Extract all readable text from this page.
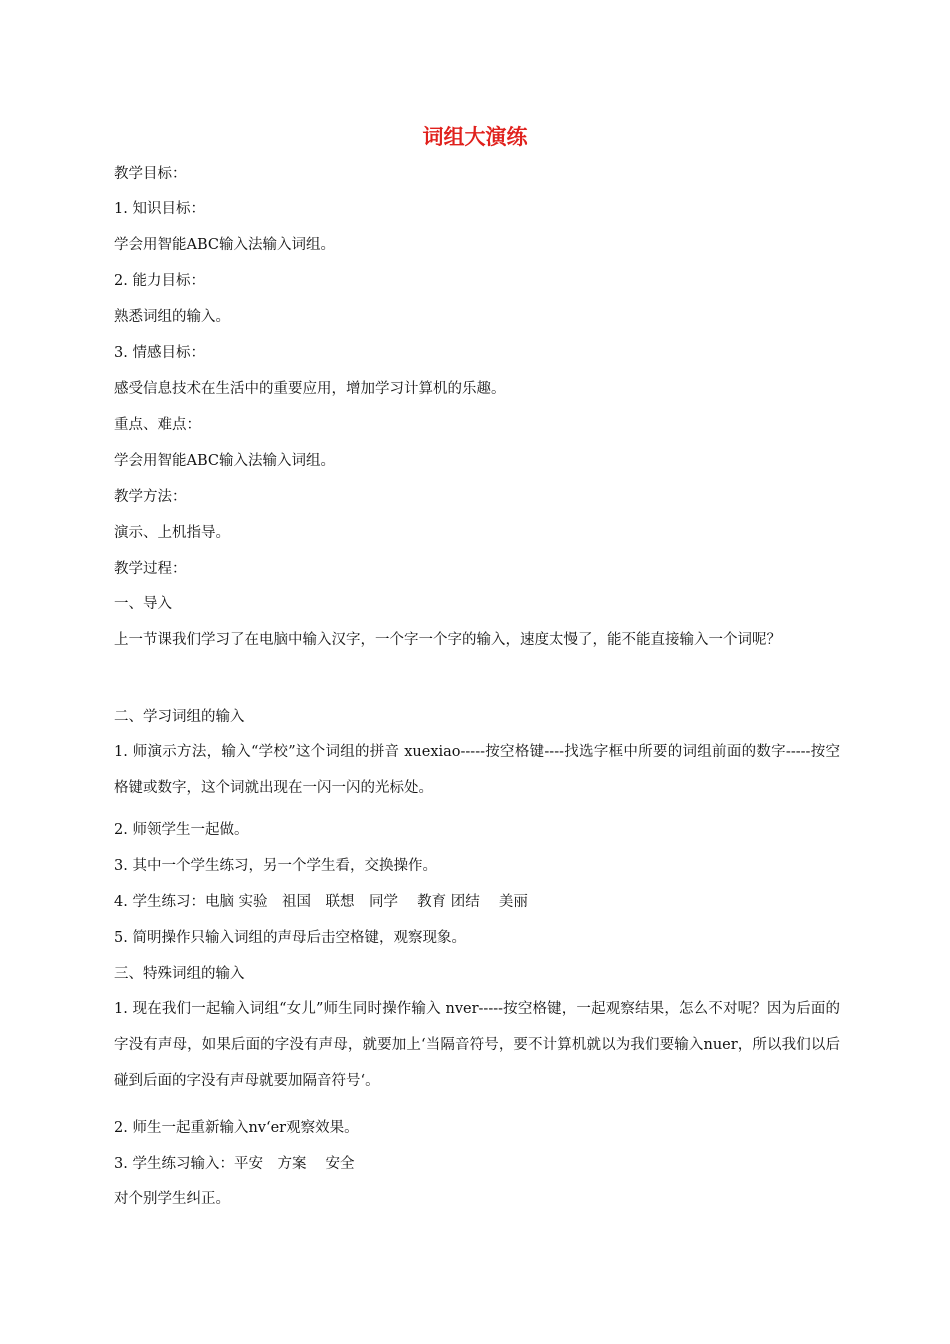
词组大演练
教学目标：
1. 知识目标：
学会用智能ABC输入法输入词组。
2. 能力目标：
熟悉词组的输入。
3. 情感目标：
感受信息技术在生活中的重要应用，增加学习计算机的乐趣。
重点、难点：
学会用智能ABC输入法输入词组。
教学方法：
演示、上机指导。
教学过程：
一、导入
上一节课我们学习了在电脑中输入汉字，一个字一个字的输入，速度太慢了，能不能直接输入一个词呢？
二、学习词组的输入
1. 师演示方法，输入“学校”这个词组的拼音 xuexiao-----按空格键----找选字框中所要的词组前面的数字-----按空格键或数字，这个词就出现在一闪一闪的光标处。
2. 师领学生一起做。
3. 其中一个学生练习，另一个学生看，交换操作。
4. 学生练习：电脑 实验　祖国　联想　同学　 教育 团结　 美丽
5. 简明操作只输入词组的声母后击空格键，观察现象。
三、特殊词组的输入
1. 现在我们一起输入词组“女儿”师生同时操作输入 nver-----按空格键，一起观察结果，怎么不对呢？因为后面的字没有声母，如果后面的字没有声母，就要加上‘当隔音符号，要不计算机就以为我们要输入nuer，所以我们以后碰到后面的字没有声母就要加隔音符号‘。
2. 师生一起重新输入nv‘er观察效果。
3. 学生练习输入：平安　方案　 安全
对个别学生纠正。
